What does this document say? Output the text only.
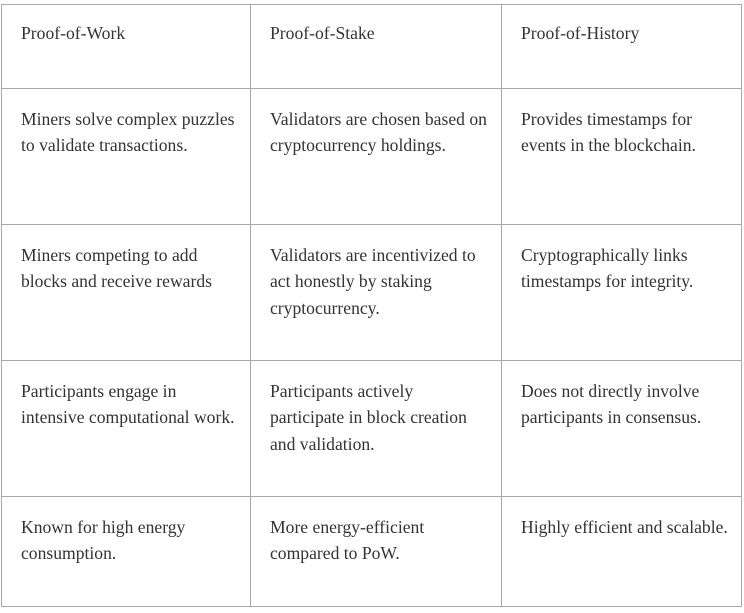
Proof-of-Work	Proof-of-Stake	Proof-of-History
Miners solve complex puzzles to validate transactions.	Validators are chosen based on cryptocurrency holdings.	Provides timestamps for events in the blockchain.
Miners competing to add blocks and receive rewards	Validators are incentivized to act honestly by staking cryptocurrency.	Cryptographically links timestamps for integrity.
Participants engage in intensive computational work.	Participants actively participate in block creation and validation.	Does not directly involve participants in consensus.
Known for high energy consumption.	More energy-efficient compared to PoW.	Highly efficient and scalable.
